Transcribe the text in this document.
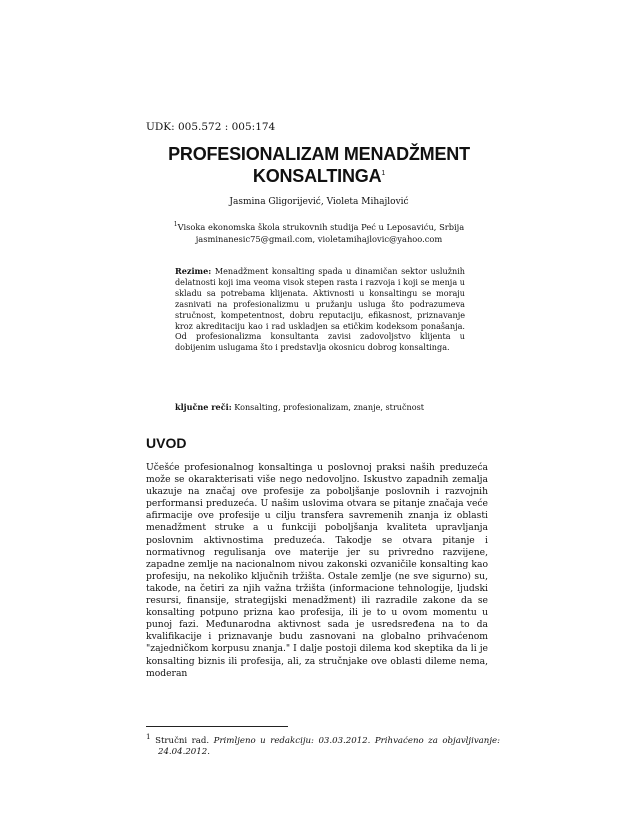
UDK: 005.572 : 005:174
PROFESIONALIZAM MENADŽMENT
KONSALTINGA$^1$
Jasmina Gligorijević, Violeta Mihajlović
$^1$Visoka ekonomska škola strukovnih studija Peć u Leposaviću, Srbija
jasminanesic75@gmail.com, violetamihajlovic@yahoo.com
Rezime: Menadžment konsalting spada u dinamičan sektor uslužnih delatnosti koji ima veoma visok stepen rasta i razvoja i koji se menja u skladu sa potrebama klijenata. Aktivnosti u konsaltingu se moraju zasnivati na profesionalizmu u pružanju usluga što podrazumeva stručnost, kompetentnost, dobru reputaciju, efikasnost, priznavanje kroz akreditaciju kao i rad uskladjen sa etičkim kodeksom ponašanja. Od profesionalizma konsultanta zavisi zadovoljstvo klijenta u dobijenim uslugama što i predstavlja okosnicu dobrog konsaltinga.
ključne reči: Konsalting, profesionalizam, znanje, stručnost
UVOD
Učešće profesionalnog konsaltinga u poslovnoj praksi naših preduzeća može se okarakterisati više nego nedovoljno. Iskustvo zapadnih zemalja ukazuje na značaj ove profesije za poboljšanje poslovnih i razvojnih performansi preduzeća. U našim uslovima otvara se pitanje značaja veće afirmacije ove profesije u cilju transfera savremenih znanja iz oblasti menadžment struke a u funkciji poboljšanja kvaliteta upravljanja poslovnim aktivnostima preduzeća. Takodje se otvara pitanje i normativnog regulisanja ove materije jer su privredno razvijene, zapadne zemlje na nacionalnom nivou zakonski ozvaničile konsalting kao profesiju, na nekoliko ključnih tržišta. Ostale zemlje (ne sve sigurno) su, takode, na četiri za njih važna tržišta (informacione tehnologije, ljudski resursi, finansije, strategijski menadžment) ili razradile zakone da se konsalting potpuno prizna kao profesija, ili je to u ovom momentu u punoj fazi. Međunarodna aktivnost sada je usredsređena na to da kvalifikacije i priznavanje budu zasnovani na globalno prihvaćenom "zajedničkom korpusu znanja." I dalje postoji dilema kod skeptika da li je konsalting biznis ili profesija, ali, za stručnjake ove oblasti dileme nema, moderan
$^1$ Stručni rad. Primljeno u redakciju: 03.03.2012. Prihvaćeno za objavljivanje: 24.04.2012.
